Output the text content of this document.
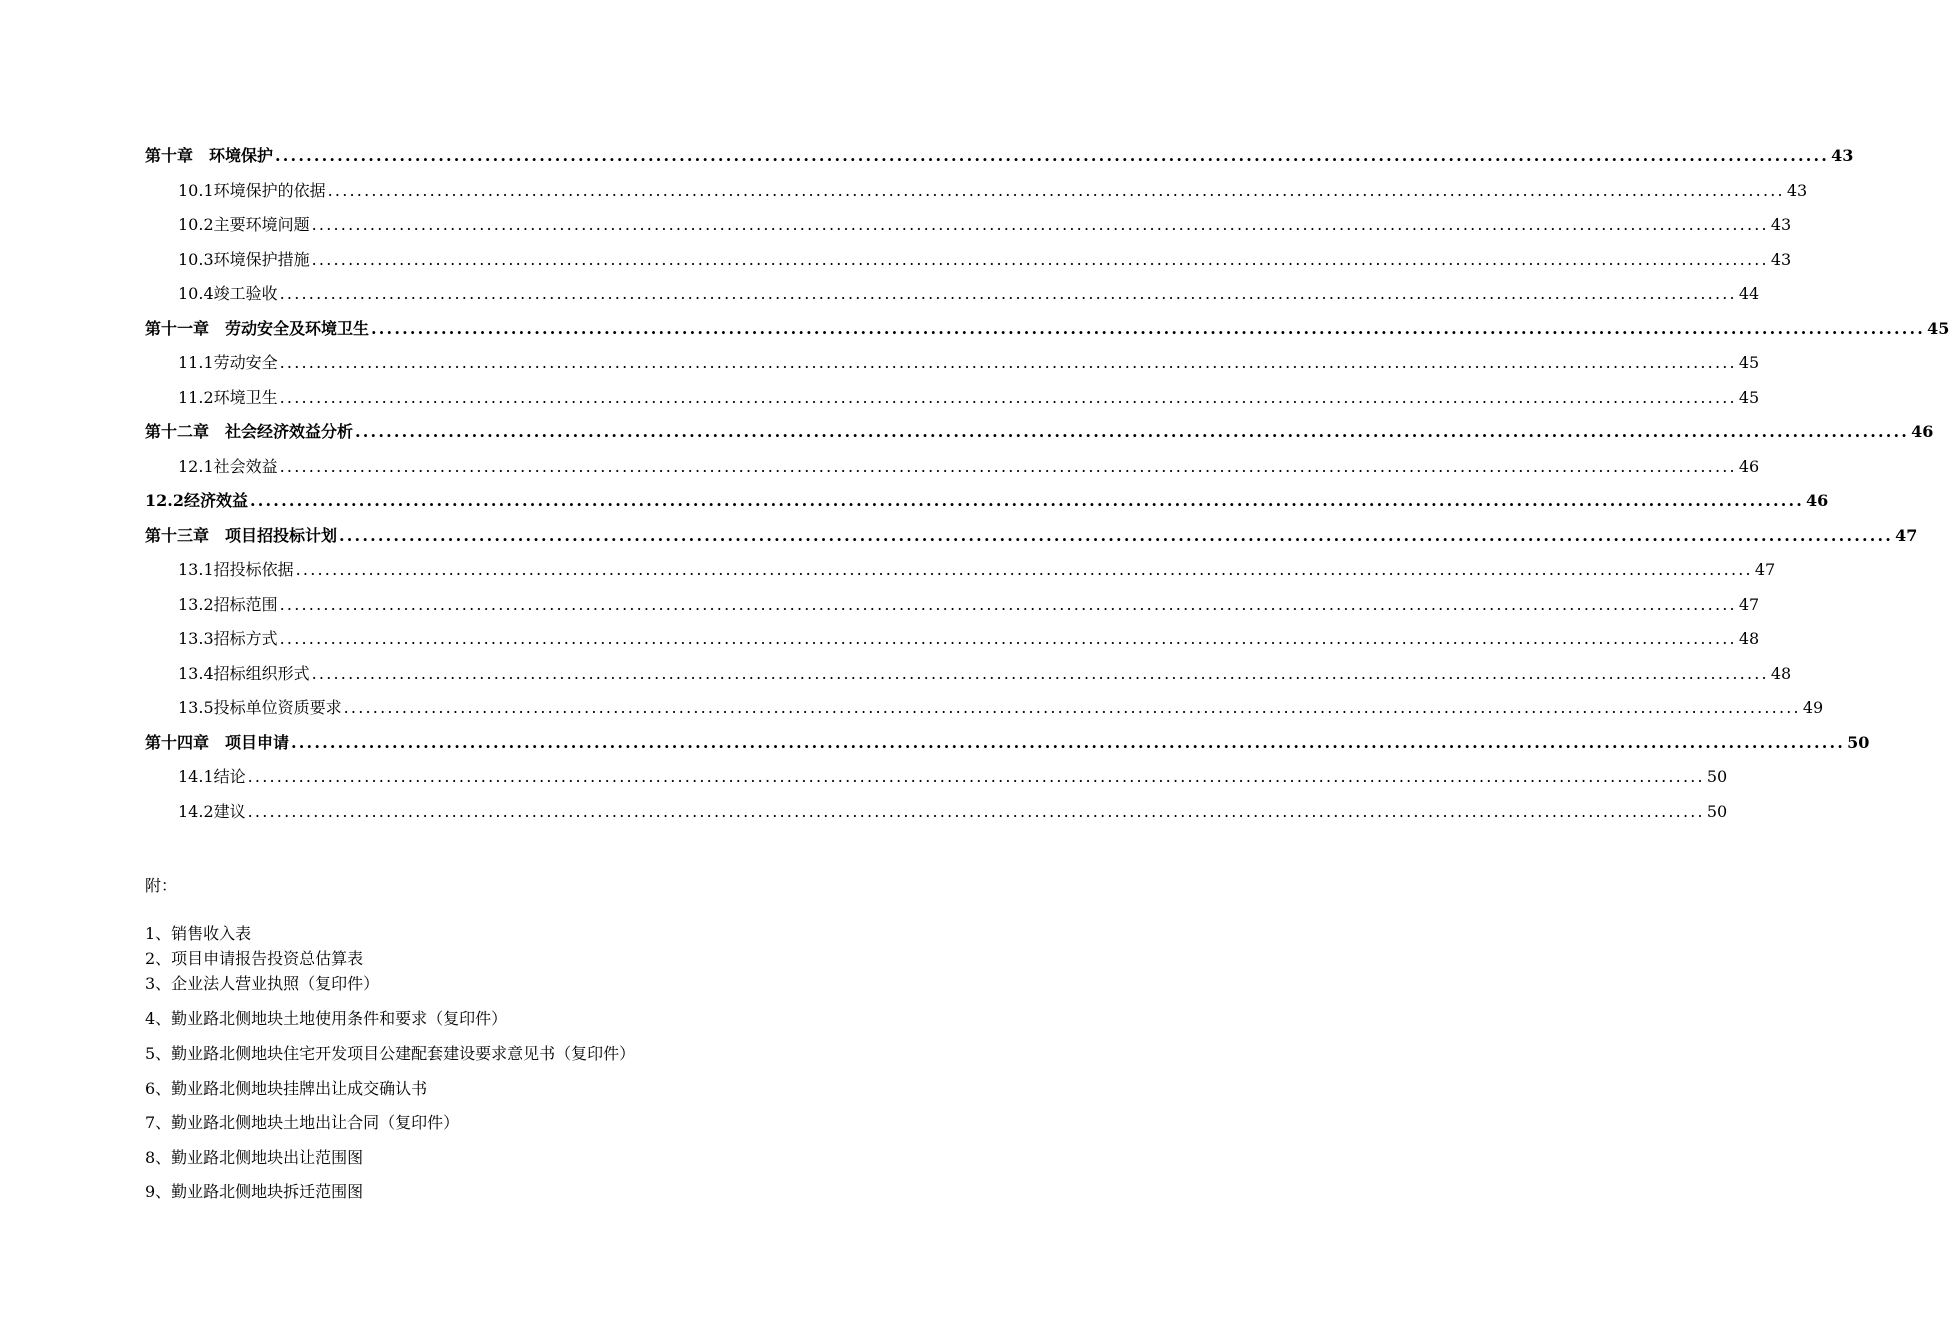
第十章　环境保护 ........................................................................................................................................................................................................ 43
10.1环境保护的依据 ........................................................................................................................................................................................................ 43
10.2主要环境问题 ........................................................................................................................................................................................................ 43
10.3环境保护措施 ........................................................................................................................................................................................................ 43
10.4竣工验收 ........................................................................................................................................................................................................ 44
第十一章　劳动安全及环境卫生 ........................................................................................................................................................................................................ 45
11.1劳动安全 ........................................................................................................................................................................................................ 45
11.2环境卫生 ........................................................................................................................................................................................................ 45
第十二章　社会经济效益分析 ........................................................................................................................................................................................................ 46
12.1社会效益 ........................................................................................................................................................................................................ 46
12.2经济效益 ........................................................................................................................................................................................................ 46
第十三章　项目招投标计划 ........................................................................................................................................................................................................ 47
13.1招投标依据 ........................................................................................................................................................................................................ 47
13.2招标范围 ........................................................................................................................................................................................................ 47
13.3招标方式 ........................................................................................................................................................................................................ 48
13.4招标组织形式 ........................................................................................................................................................................................................ 48
13.5投标单位资质要求 ........................................................................................................................................................................................................ 49
第十四章　项目申请 ........................................................................................................................................................................................................ 50
14.1结论 ........................................................................................................................................................................................................ 50
14.2建议 ........................................................................................................................................................................................................ 50
附：
1、销售收入表
2、项目申请报告投资总估算表
3、企业法人营业执照（复印件）
4、勤业路北侧地块土地使用条件和要求（复印件）
5、勤业路北侧地块住宅开发项目公建配套建设要求意见书（复印件）
6、勤业路北侧地块挂牌出让成交确认书
7、勤业路北侧地块土地出让合同（复印件）
8、勤业路北侧地块出让范围图
9、勤业路北侧地块拆迁范围图
